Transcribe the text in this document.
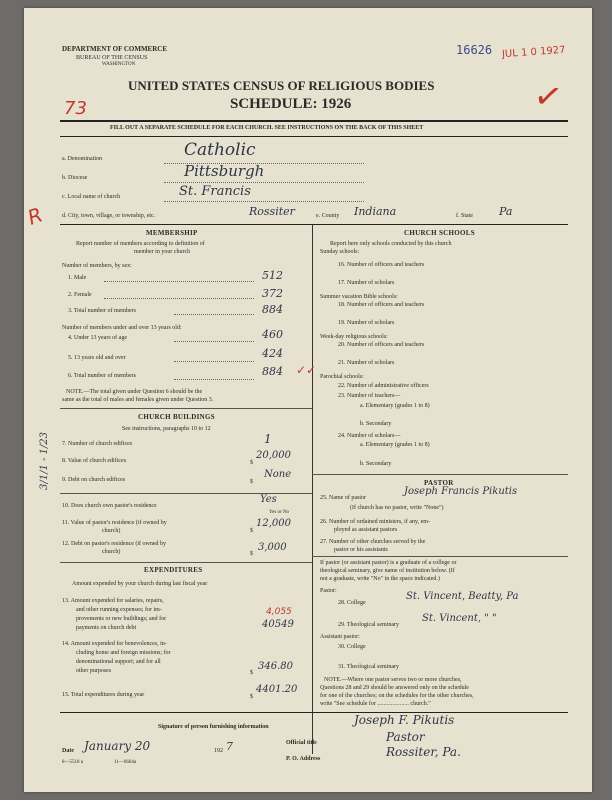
DEPARTMENT OF COMMERCE
BUREAU OF THE CENSUS
WASHINGTON
16626 JUL 1 0 1927
✓
UNITED STATES CENSUS OF RELIGIOUS BODIES
SCHEDULE: 1926
73
FILL OUT A SEPARATE SCHEDULE FOR EACH CHURCH. SEE INSTRUCTIONS ON THE BACK OF THIS SHEET
a. Denomination	Catholic
b. Diocese	Pittsburgh
c. Local name of church	St. Francis
d. City, town, village, or township, etc.	Rossiter	e. County Indiana	f. State Pa
R
3/1/1 - 1/23
MEMBERSHIP
Report number of members according to definition of
member in your church
Number of members, by sex:
1. Male	512
2. Female	372
3. Total number of members	884
Number of members under and over 13 years old:
4. Under 13 years of age	460
5. 13 years old and over	424
6. Total number of members	884 ✓✓
NOTE.—The total given under Question 6 should be the
same as the total of males and females given under Question 3.
CHURCH BUILDINGS
See instructions, paragraphs 10 to 12
7. Number of church edifices	1
8. Value of church edifices	$
20,000
9. Debt on church edifices	$
None
10. Does church own pastor's residence
Yes
Yes or No
11. Value of pastor's residence (if owned by
church)	$
12,000
12. Debt on pastor's residence (if owned by
church)	$
3,000
EXPENDITURES
Amount expended by your church during last fiscal year
13. Amount expended for salaries, repairs,
and other running expenses; for im-
provements or new buildings; and for
payments on church debt
4,055
40549
14. Amount expended for benevolences, in-
cluding home and foreign missions; for
denominational support; and for all
other purposes	$
346.80
15. Total expenditures during year	$
4401.20
CHURCH SCHOOLS
Report here only schools conducted by this church
Sunday schools:
16. Number of officers and teachers
17. Number of scholars
Summer vacation Bible schools:
18. Number of officers and teachers
19. Number of scholars
Week-day religious schools:
20. Number of officers and teachers
21. Number of scholars
Parochial schools:
22. Number of administrative officers
23. Number of teachers—
a. Elementary (grades 1 to 8)
b. Secondary
24. Number of scholars—
a. Elementary (grades 1 to 8)
b. Secondary
PASTOR
25. Name of pastor
Joseph Francis Pikutis
(If church has no pastor, write "None")
26. Number of ordained ministers, if any, em-
ployed as assistant pastors
27. Number of other churches served by the
pastor or his assistants
If pastor (or assistant pastor) is a graduate of a college or
theological seminary, give name of institution below. (If
not a graduate, write "No" in the space indicated.)
Pastor:
28. College
St. Vincent, Beatty, Pa
29. Theological seminary
St. Vincent, " "
Assistant pastor:
30. College
31. Theological seminary
NOTE.—Where one pastor serves two or more churches,
Questions 28 and 29 should be answered only on the schedule
for one of the churches; on the schedules for the other churches,
write "See schedule for ..................... church."
Signature of person furnishing information	Joseph F. Pikutis
Official title	Pastor
Date January 20	192 7
P. O. Address	Rossiter, Pa.
8—5518 a	11—6664a
